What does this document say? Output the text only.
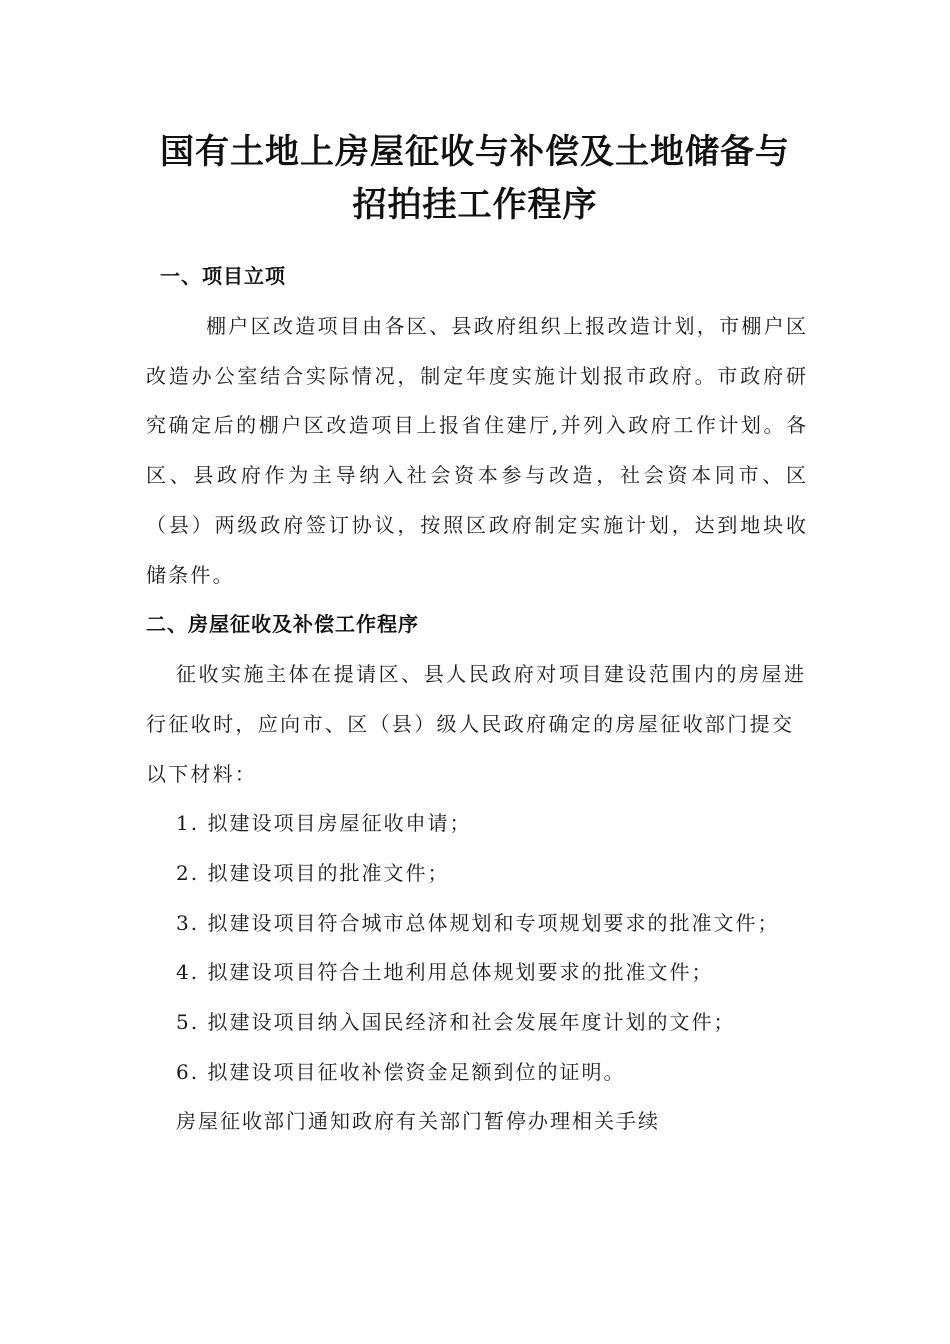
国有土地上房屋征收与补偿及土地储备与
招拍挂工作程序
一、项目立项
棚户区改造项目由各区、县政府组织上报改造计划，市棚户区
改造办公室结合实际情况，制定年度实施计划报市政府。市政府研
究确定后的棚户区改造项目上报省住建厅,并列入政府工作计划。各
区、县政府作为主导纳入社会资本参与改造，社会资本同市、区
（县）两级政府签订协议，按照区政府制定实施计划，达到地块收
储条件。
二、房屋征收及补偿工作程序
征收实施主体在提请区、县人民政府对项目建设范围内的房屋进
行征收时，应向市、区（县）级人民政府确定的房屋征收部门提交
以下材料：
1. 拟建设项目房屋征收申请；
2. 拟建设项目的批准文件；
3. 拟建设项目符合城市总体规划和专项规划要求的批准文件；
4. 拟建设项目符合土地利用总体规划要求的批准文件；
5. 拟建设项目纳入国民经济和社会发展年度计划的文件；
6. 拟建设项目征收补偿资金足额到位的证明。
房屋征收部门通知政府有关部门暂停办理相关手续
